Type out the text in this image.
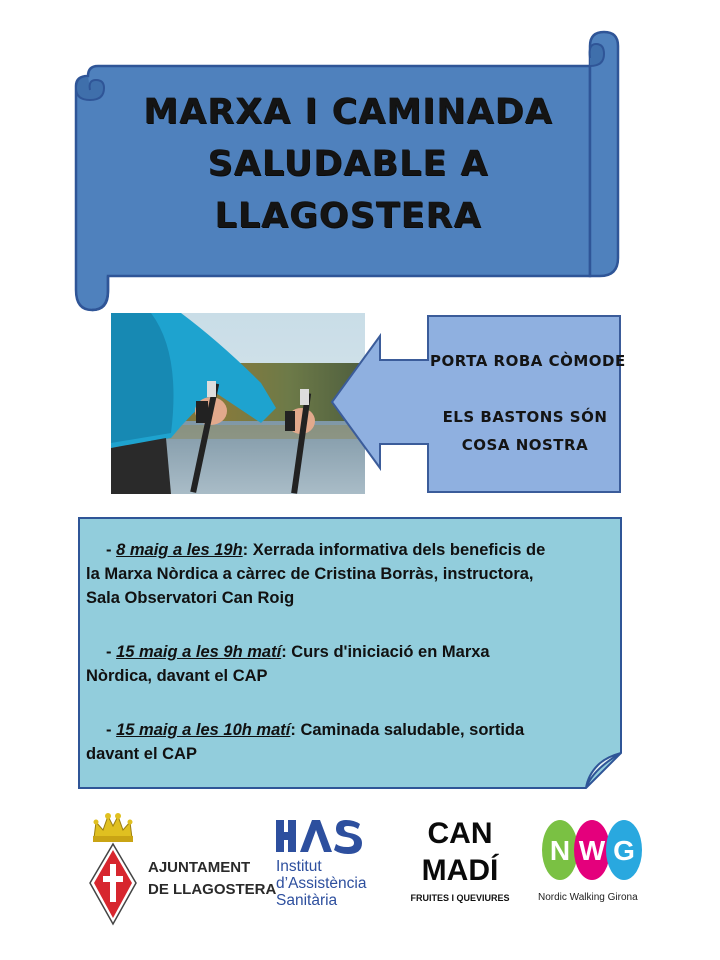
MARXA I CAMINADA
SALUDABLE A
LLAGOSTERA
PORTA ROBA CÒMODE
ELS BASTONS SÓN
COSA NOSTRA
- 8 maig a les 19h: Xerrada informativa dels beneficis de
la Marxa Nòrdica a càrrec de Cristina Borràs, instructora,
Sala Observatori Can Roig
- 15 maig a les 9h matí: Curs d'iniciació en Marxa
Nòrdica, davant el CAP
- 15 maig a les 10h matí: Caminada saludable, sortida
davant el CAP
AJUNTAMENT
DE LLAGOSTERA
Institut
d’Assistència
Sanitària
CAN
MADÍ
FRUITES I QUEVIURES
N W G
Nordic Walking Girona
